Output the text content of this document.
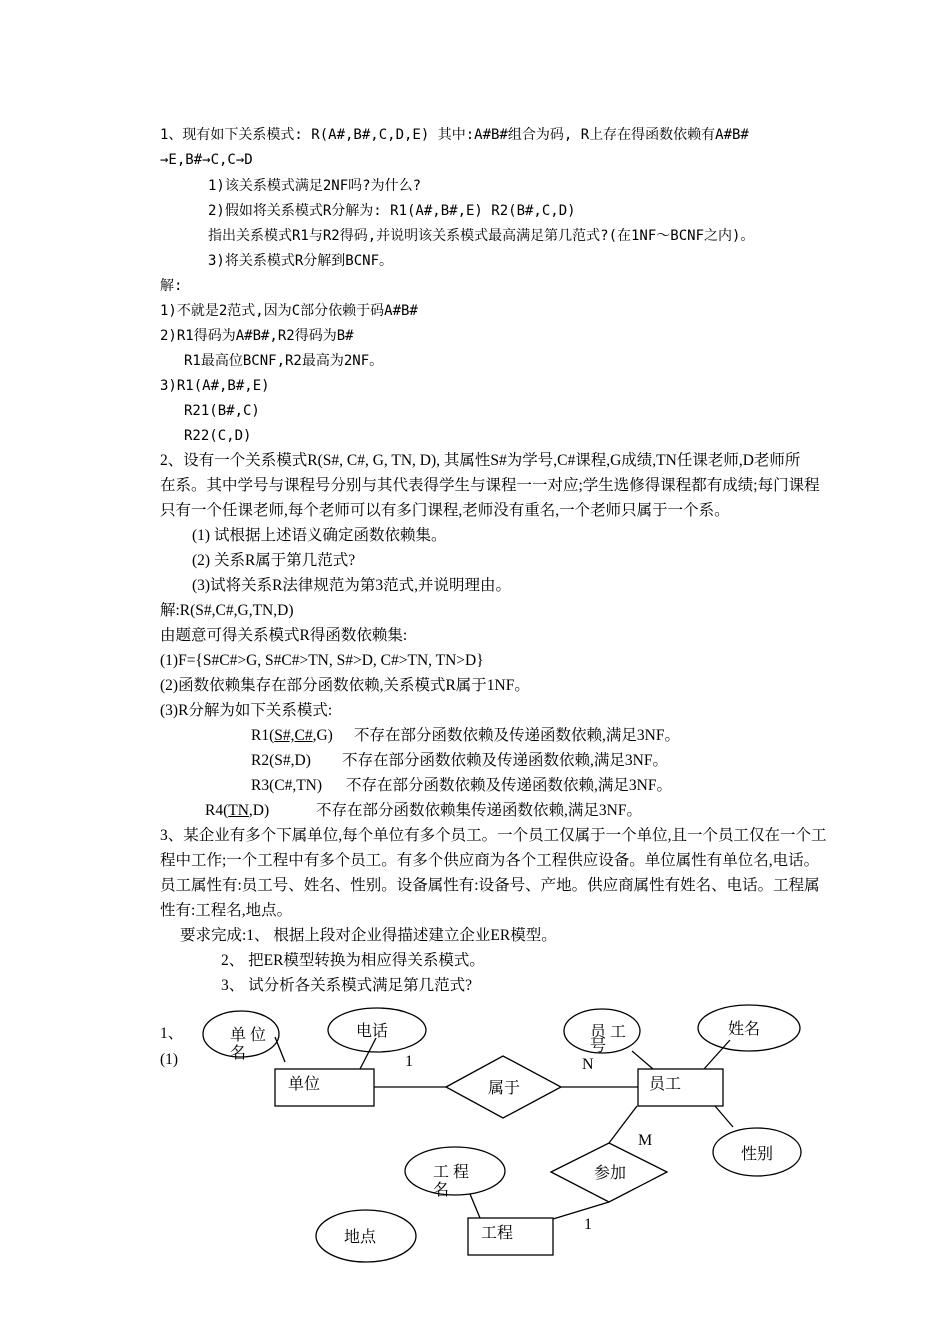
1、现有如下关系模式: R(A#,B#,C,D,E) 其中:A#B#组合为码, R上存在得函数依赖有A#B#
→E,B#→C,C→D
1)该关系模式满足2NF吗?为什么?
2)假如将关系模式R分解为: R1(A#,B#,E) R2(B#,C,D)
指出关系模式R1与R2得码,并说明该关系模式最高满足第几范式?(在1NF～BCNF之内)。
3)将关系模式R分解到BCNF。
解:
1)不就是2范式,因为C部分依赖于码A#B#
2)R1得码为A#B#,R2得码为B#
R1最高位BCNF,R2最高为2NF。
3)R1(A#,B#,E)
R21(B#,C)
R22(C,D)
2、设有一个关系模式R(S#, C#, G, TN, D), 其属性S#为学号,C#课程,G成绩,TN任课老师,D老师所
在系。其中学号与课程号分别与其代表得学生与课程一一对应;学生选修得课程都有成绩;每门课程
只有一个任课老师,每个老师可以有多门课程,老师没有重名,一个老师只属于一个系。
(1) 试根据上述语义确定函数依赖集。
(2) 关系R属于第几范式?
(3)试将关系R法律规范为第3范式,并说明理由。
解:R(S#,C#,G,TN,D)
由题意可得关系模式R得函数依赖集:
(1)F={S#C#>G, S#C#>TN, S#>D, C#>TN, TN>D}
(2)函数依赖集存在部分函数依赖,关系模式R属于1NF。
(3)R分解为如下关系模式:
R1(S#,C#,G) 不存在部分函数依赖及传递函数依赖,满足3NF。
R2(S#,D) 不存在部分函数依赖及传递函数依赖,满足3NF。
R3(C#,TN) 不存在部分函数依赖及传递函数依赖,满足3NF。
R4(TN,D)	不存在部分函数依赖集传递函数依赖,满足3NF。
3、某企业有多个下属单位,每个单位有多个员工。一个员工仅属于一个单位,且一个员工仅在一个工
程中工作;一个工程中有多个员工。有多个供应商为各个工程供应设备。单位属性有单位名,电话。
员工属性有:员工号、姓名、性别。设备属性有:设备号、产地。供应商属性有姓名、电话。工程属
性有:工程名,地点。
要求完成:1、 根据上段对企业得描述建立企业ER模型。
2、 把ER模型转换为相应得关系模式。
3、 试分析各关系模式满足第几范式?
1、
(1)
单 位
名
电话	员 工
号
姓名
性别
工 程
名
地点
单位	员工
工程
属于
参加
1	N
M
1
